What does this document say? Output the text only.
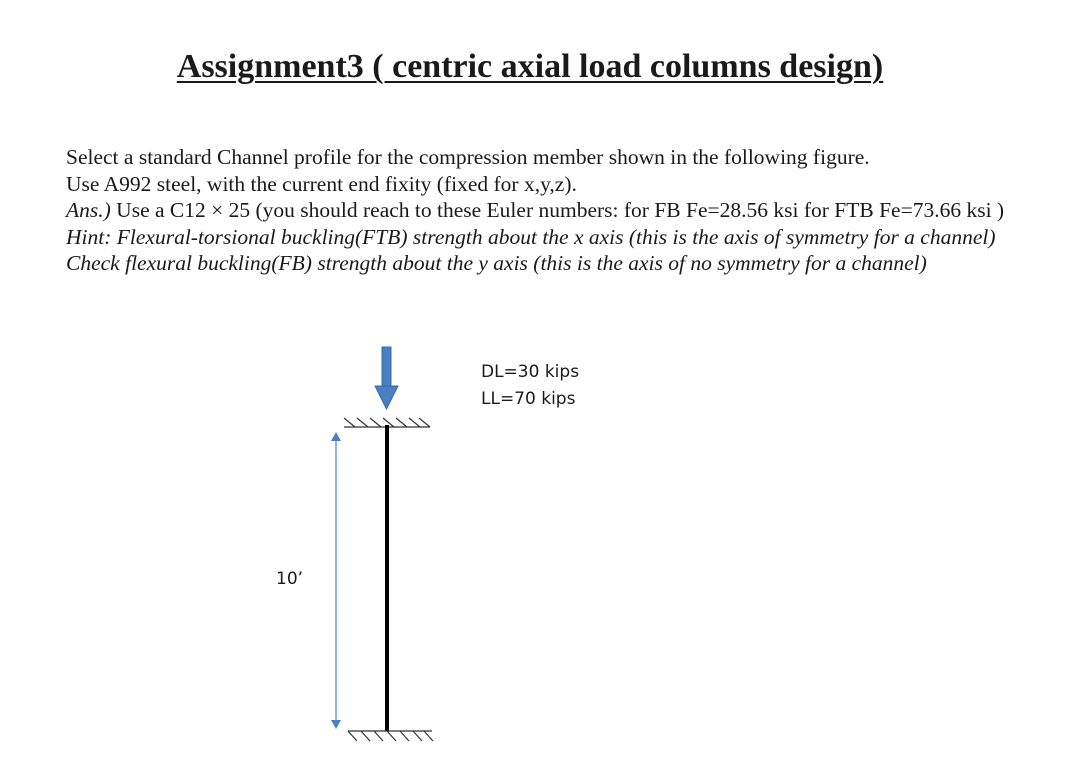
Assignment3 ( centric axial load columns design)

Select a standard Channel profile for the compression member shown in the following figure.

Use A992 steel, with the current end fixity (fixed for x,y,z).

Ans.) Use a C12 × 25 (you should reach to these Euler numbers: for FB Fe=28.56 ksi for FTB Fe=73.66 ksi )

Hint: Flexural-torsional buckling(FTB) strength about the x axis (this is the axis of symmetry for a channel) Check flexural buckling(FB) strength about the y axis (this is the axis of no symmetry for a channel)

DL=30 kips
LL=70 kips
10’
